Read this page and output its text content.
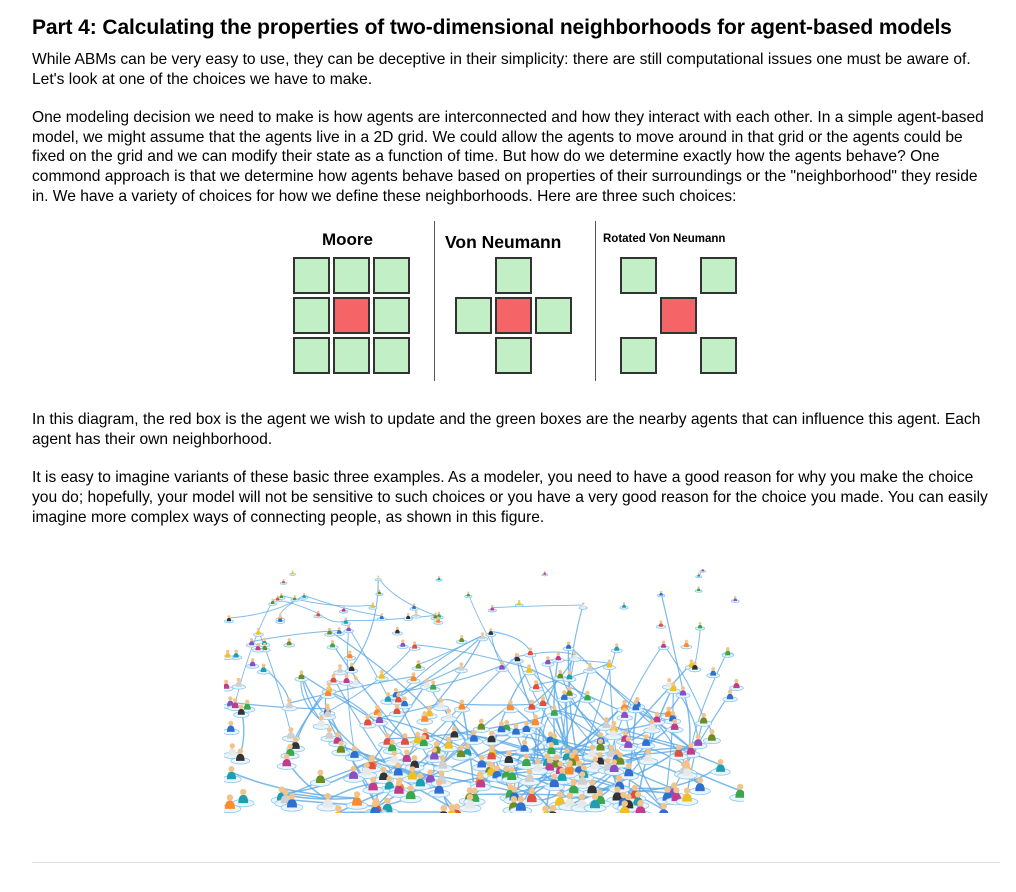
Part 4: Calculating the properties of two-dimensional neighborhoods for agent-based models

While ABMs can be very easy to use, they can be deceptive in their simplicity: there are still computational issues one must be aware of. Let's look at one of the choices we have to make.

One modeling decision we need to make is how agents are interconnected and how they interact with each other. In a simple agent-based model, we might assume that the agents live in a 2D grid. We could allow the agents to move around in that grid or the agents could be fixed on the grid and we can modify their state as a function of time. But how do we determine exactly how the agents behave? One commond approach is that we determine how agents behave based on properties of their surroundings or the "neighborhood" they reside in. We have a variety of choices for how we define these neighborhoods. Here are three such choices:

Moore	Von Neumann	Rotated Von Neumann

In this diagram, the red box is the agent we wish to update and the green boxes are the nearby agents that can influence this agent. Each agent has their own neighborhood.

It is easy to imagine variants of these basic three examples. As a modeler, you need to have a good reason for why you make the choice you do; hopefully, your model will not be sensitive to such choices or you have a very good reason for the choice you made. You can easily imagine more complex ways of connecting people, as shown in this figure.
